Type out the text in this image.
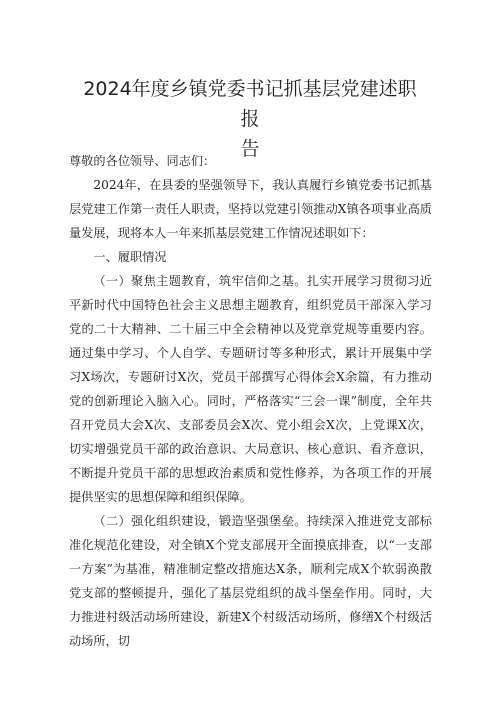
2024年度乡镇党委书记抓基层党建述职报
告

尊敬的各位领导、同志们：

2024年，在县委的坚强领导下，我认真履行乡镇党委书记抓基层党建工作第一责任人职责，坚持以党建引领推动X镇各项事业高质量发展，现将本人一年来抓基层党建工作情况述职如下：

一、履职情况

（一）聚焦主题教育，筑牢信仰之基。扎实开展学习贯彻习近平新时代中国特色社会主义思想主题教育，组织党员干部深入学习党的二十大精神、二十届三中全会精神以及党章党规等重要内容。通过集中学习、个人自学、专题研讨等多种形式，累计开展集中学习X场次，专题研讨X次，党员干部撰写心得体会X余篇，有力推动党的创新理论入脑入心。同时，严格落实“三会一课”制度，全年共召开党员大会X次、支部委员会X次、党小组会X次，上党课X次，切实增强党员干部的政治意识、大局意识、核心意识、看齐意识，不断提升党员干部的思想政治素质和党性修养，为各项工作的开展提供坚实的思想保障和组织保障。

（二）强化组织建设，锻造坚强堡垒。持续深入推进党支部标准化规范化建设，对全镇X个党支部展开全面摸底排查，以“一支部一方案”为基准，精准制定整改措施达X条，顺利完成X个软弱涣散党支部的整顿提升，强化了基层党组织的战斗堡垒作用。同时，大力推进村级活动场所建设，新建X个村级活动场所，修缮X个村级活动场所，切
